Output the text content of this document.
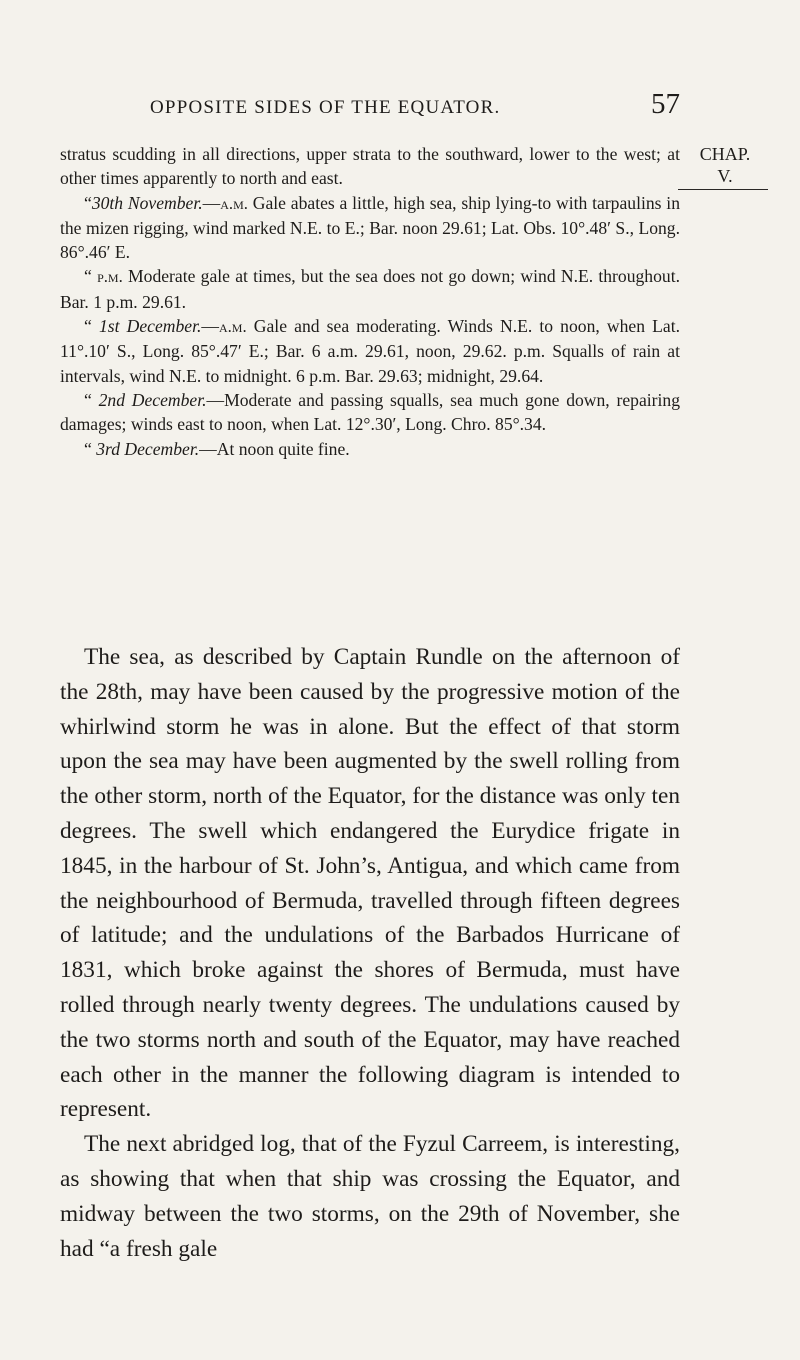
OPPOSITE SIDES OF THE EQUATOR.	57
CHAP.
V.

stratus scudding in all directions, upper strata to the southward, lower to the west; at other times apparently to north and east.

“30th November.—a.m. Gale abates a little, high sea, ship lying-to with tarpaulins in the mizen rigging, wind marked N.E. to E.; Bar. noon 29.61; Lat. Obs. 10°.48′ S., Long. 86°.46′ E.

“ p.m. Moderate gale at times, but the sea does not go down; wind N.E. throughout. Bar. 1 p.m. 29.61.

“ 1st December.—a.m. Gale and sea moderating. Winds N.E. to noon, when Lat. 11°.10′ S., Long. 85°.47′ E.; Bar. 6 a.m. 29.61, noon, 29.62. p.m. Squalls of rain at intervals, wind N.E. to midnight. 6 p.m. Bar. 29.63; midnight, 29.64.

“ 2nd December.—Moderate and passing squalls, sea much gone down, repairing damages; winds east to noon, when Lat. 12°.30′, Long. Chro. 85°.34.

“ 3rd December.—At noon quite fine.

The sea, as described by Captain Rundle on the afternoon of the 28th, may have been caused by the progressive motion of the whirlwind storm he was in alone. But the effect of that storm upon the sea may have been augmented by the swell rolling from the other storm, north of the Equator, for the distance was only ten degrees. The swell which endangered the Eurydice frigate in 1845, in the harbour of St. John’s, Antigua, and which came from the neighbourhood of Bermuda, travelled through fifteen degrees of latitude; and the undulations of the Barbados Hurricane of 1831, which broke against the shores of Bermuda, must have rolled through nearly twenty degrees. The undulations caused by the two storms north and south of the Equator, may have reached each other in the manner the following diagram is intended to represent.

The next abridged log, that of the Fyzul Carreem, is interesting, as showing that when that ship was crossing the Equator, and midway between the two storms, on the 29th of November, she had “a fresh gale
